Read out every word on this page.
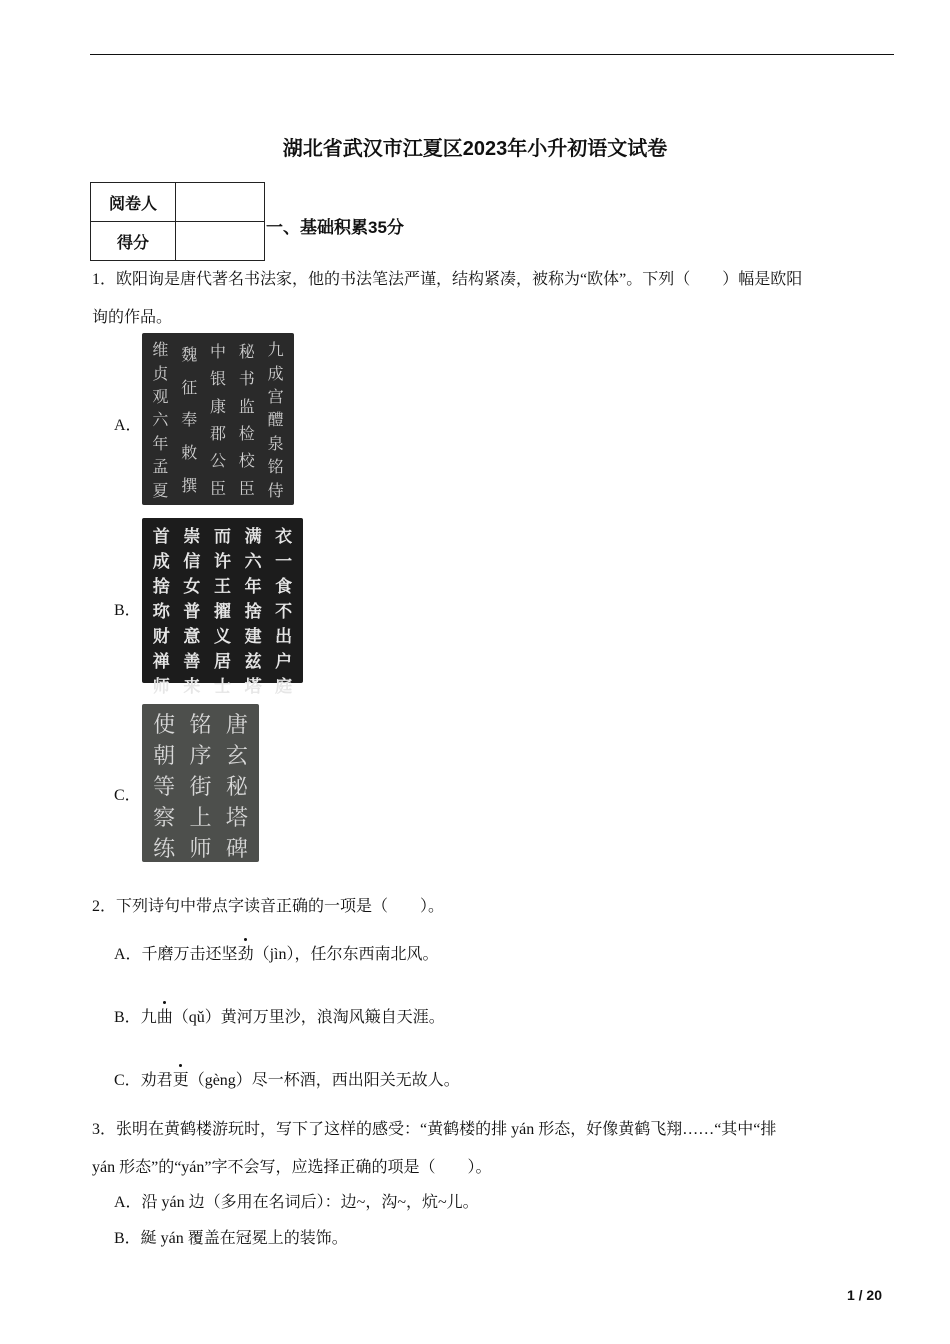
湖北省武汉市江夏区2023年小升初语文试卷
阅卷人	
得分	
一、基础积累35分
1．欧阳询是唐代著名书法家，他的书法笔法严谨，结构紧凑，被称为“欧体”。下列（　　）幅是欧阳
询的作品。
A．
九
成
宫
醴
泉
铭
侍
秘
书
监
检
校
臣
中
银
康
郡
公
臣
魏
征
奉
敕
撰
维
贞
观
六
年
孟
夏
B．
衣
一
食
不
出
户
庭
满
六
年
捨
建
兹
塔
而
许
王
擢
义
居
士
崇
信
女
普
意
善
来
首
成
捨
珎
财
禅
师
C．
唐
玄
秘
塔
碑
铭
序
街
上
师
使
朝
等
察
练
2．下列诗句中带点字读音正确的一项是（　　）。
A．千磨万击还坚劲（jìn），任尔东西南北风。
B．九曲（qǔ）黄河万里沙，浪淘风簸自天涯。
C．劝君更（gèng）尽一杯酒，西出阳关无故人。
3．张明在黄鹤楼游玩时，写下了这样的感受：“黄鹤楼的排 yán 形态，好像黄鹤飞翔……“其中“排
yán 形态”的“yán”字不会写，应选择正确的项是（　　）。
A．沿 yán 边（多用在名词后）：边~，沟~，炕~儿。
B．綖 yán 覆盖在冠冕上的装饰。
1 / 20
